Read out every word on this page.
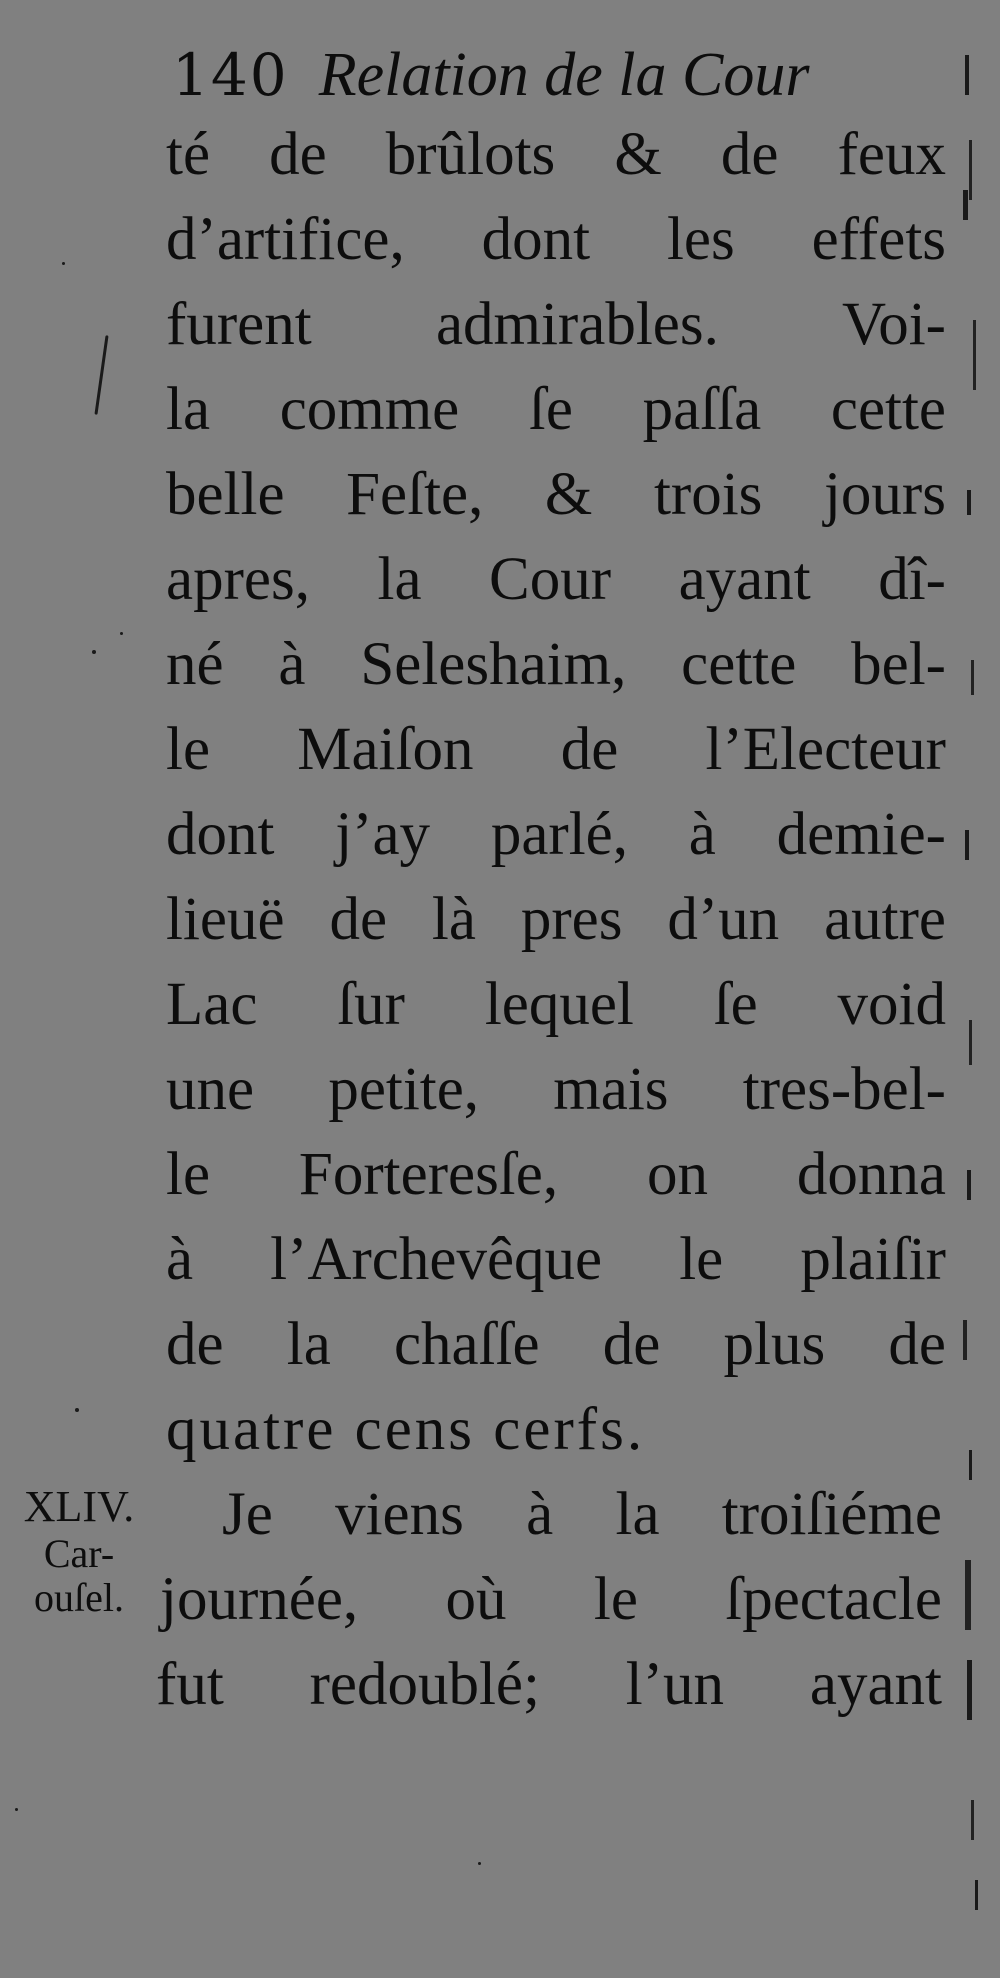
140 Relation de la Cour
té de brûlots & de feux
d’artifice, dont les effets
furent admirables. Voi-
la comme ſe paſſa cette
belle Feſte, & trois jours
apres, la Cour ayant dî-
né à Seleshaim, cette bel-
le Maiſon de l’Electeur
dont j’ay parlé, à demie-
lieuë de là pres d’un autre
Lac ſur lequel ſe void
une petite, mais tres-bel-
le Forteresſe, on donna
à l’Archevêque le plaiſir
de la chaſſe de plus de
quatre cens cerfs.
Je viens à la troiſiéme
journée, où le ſpectacle
fut redoublé; l’un ayant
XLIV.
Car-
ouſel.
